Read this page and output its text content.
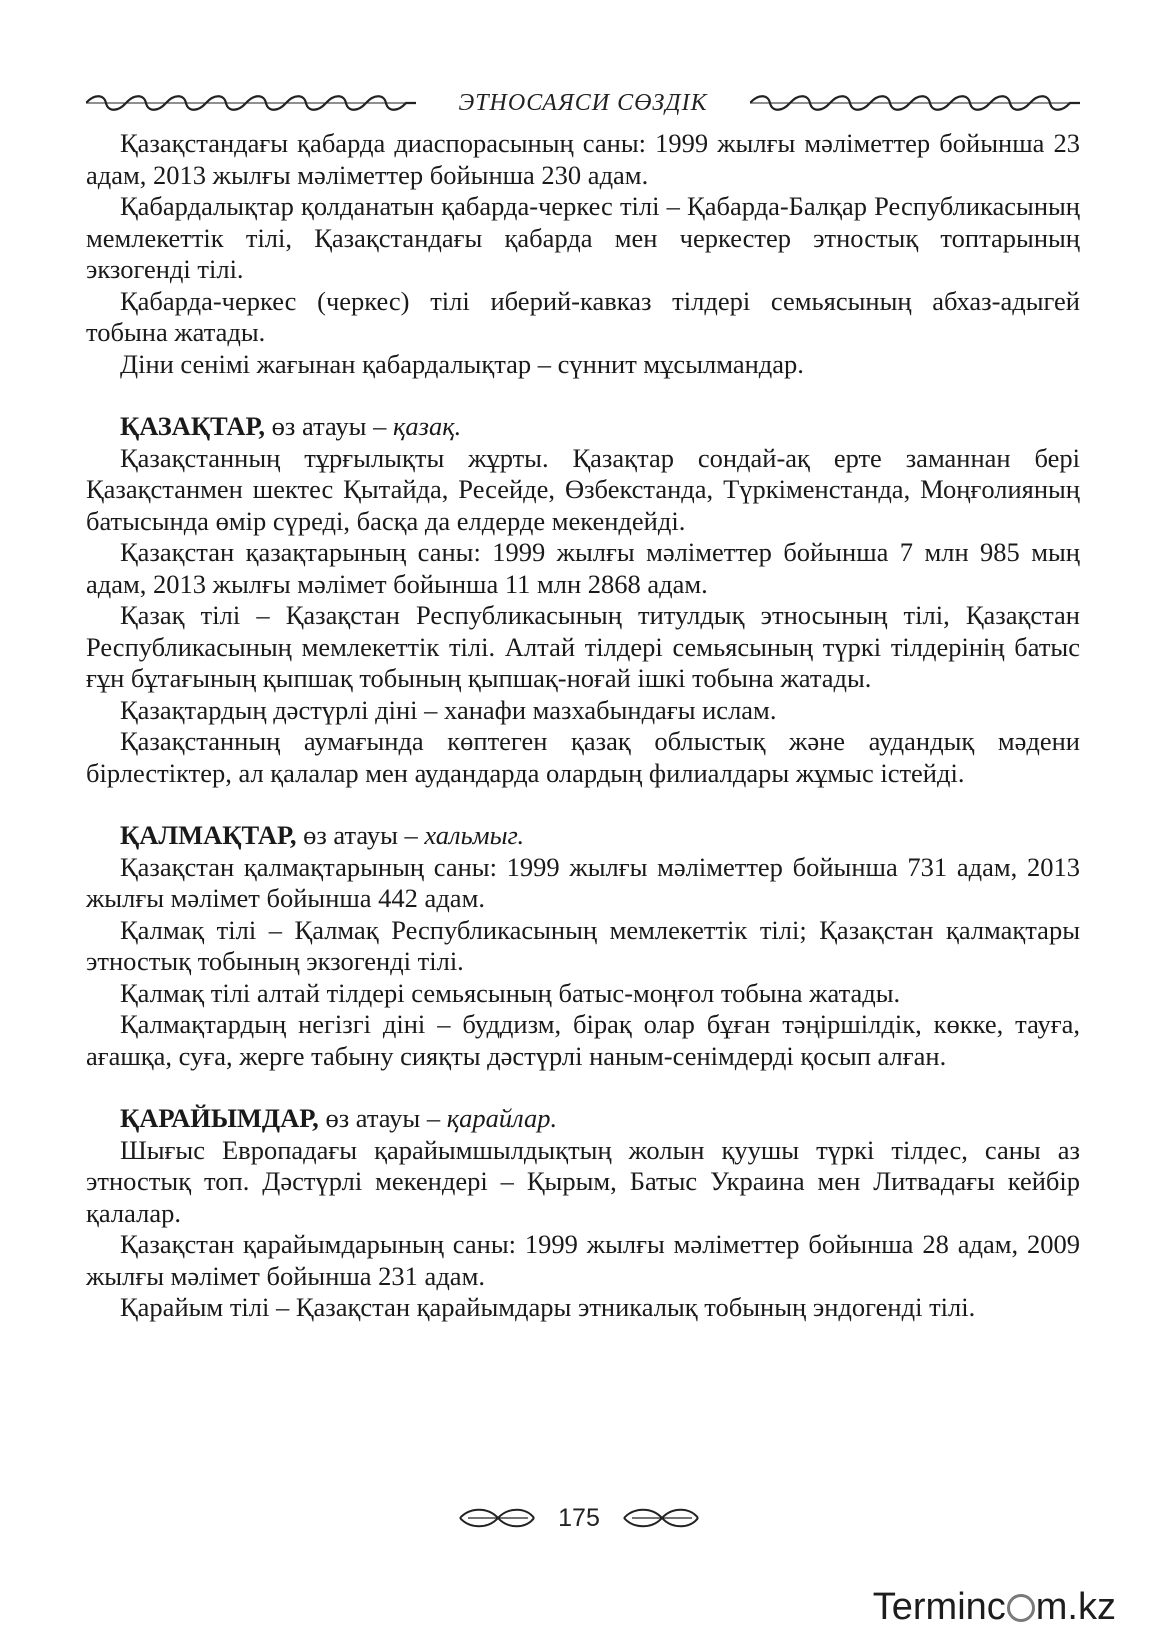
ЭТНОСАЯСИ СӨЗДІК

Қазақстандағы қабарда диаспорасының саны: 1999 жылғы мәліметтер бойынша 23 адам, 2013 жылғы мәліметтер бойынша 230 адам.

Қабардалықтар қолданатын қабарда-черкес тілі – Қабарда-Балқар Республикасының мемлекеттік тілі, Қазақстандағы қабарда мен черкестер этностық топтарының экзогенді тілі.

Қабарда-черкес (черкес) тілі иберий-кавказ тілдері семьясының абхаз-адыгей тобына жатады.

Діни сенімі жағынан қабардалықтар – сүннит мұсылмандар.

ҚАЗАҚТАР, өз атауы – қазақ.

Қазақстанның тұрғылықты жұрты. Қазақтар сондай-ақ ерте заманнан бері Қазақстанмен шектес Қытайда, Ресейде, Өзбекстанда, Түркіменстанда, Моңғолияның батысында өмір сүреді, басқа да елдерде мекендейді.

Қазақстан қазақтарының саны: 1999 жылғы мәліметтер бойынша 7 млн 985 мың адам, 2013 жылғы мәлімет бойынша 11 млн 2868 адам.

Қазақ тілі – Қазақстан Республикасының титулдық этносының тілі, Қазақстан Республикасының мемлекеттік тілі. Алтай тілдері семьясының түркі тілдерінің батыс ғұн бұтағының қыпшақ тобының қыпшақ-ноғай ішкі тобына жатады.

Қазақтардың дәстүрлі діні – ханафи мазхабындағы ислам.

Қазақстанның аумағында көптеген қазақ облыстық және аудандық мәдени бірлестіктер, ал қалалар мен аудандарда олардың филиалдары жұмыс істейді.

ҚАЛМАҚТАР, өз атауы – хальмыг.

Қазақстан қалмақтарының саны: 1999 жылғы мәліметтер бойынша 731 адам, 2013 жылғы мәлімет бойынша 442 адам.

Қалмақ тілі – Қалмақ Республикасының мемлекеттік тілі; Қазақстан қалмақтары этностық тобының экзогенді тілі.

Қалмақ тілі алтай тілдері семьясының батыс-моңғол тобына жатады.

Қалмақтардың негізгі діні – буддизм, бірақ олар бұған тәңіршілдік, көкке, тауға, ағашқа, суға, жерге табыну сияқты дәстүрлі наным-сенімдерді қосып алған.

ҚАРАЙЫМДАР, өз атауы – қарайлар.

Шығыс Европадағы қарайымшылдықтың жолын қуушы түркі тілдес, саны аз этностық топ. Дәстүрлі мекендері – Қырым, Батыс Украина мен Литвадағы кейбір қалалар.

Қазақстан қарайымдарының саны: 1999 жылғы мәліметтер бойынша 28 адам, 2009 жылғы мәлімет бойынша 231 адам.

Қарайым тілі – Қазақстан қарайымдары этникалық тобының эндогенді тілі.

175
Terminc m.kz
